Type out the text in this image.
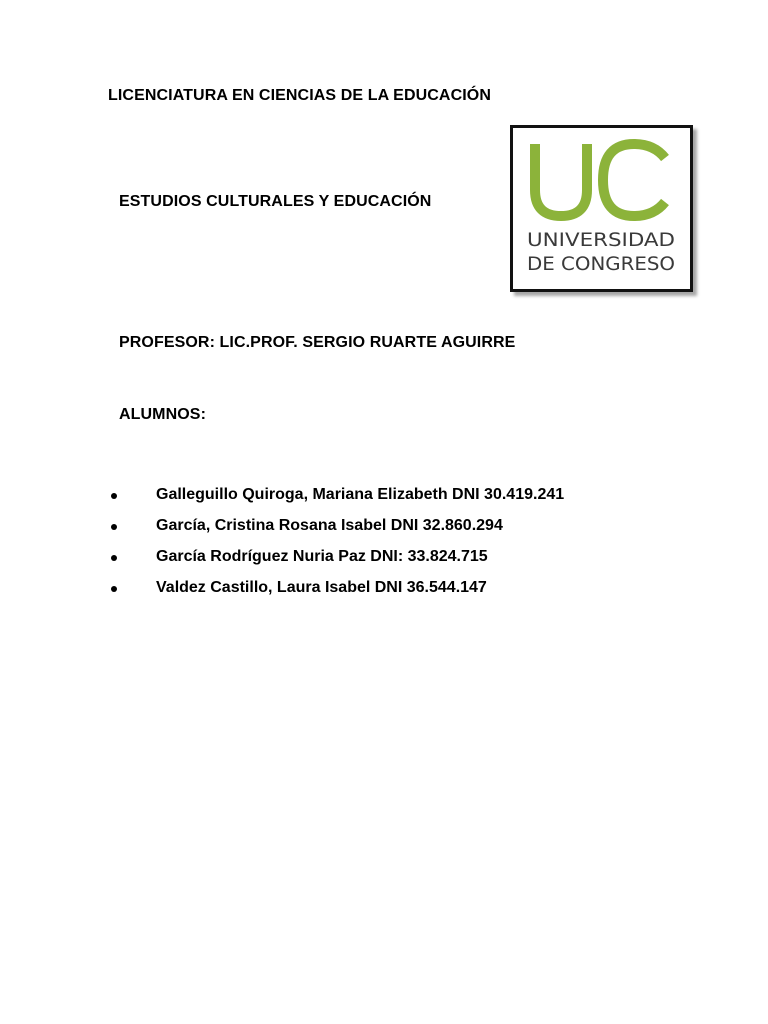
LICENCIATURA EN CIENCIAS DE LA EDUCACIÓN
ESTUDIOS CULTURALES Y EDUCACIÓN
UNIVERSIDAD
DE CONGRESO
PROFESOR: LIC.PROF. SERGIO RUARTE AGUIRRE
ALUMNOS:
Galleguillo Quiroga, Mariana Elizabeth DNI 30.419.241
García, Cristina Rosana Isabel DNI 32.860.294
García Rodríguez Nuria Paz DNI: 33.824.715
Valdez Castillo, Laura Isabel DNI 36.544.147
